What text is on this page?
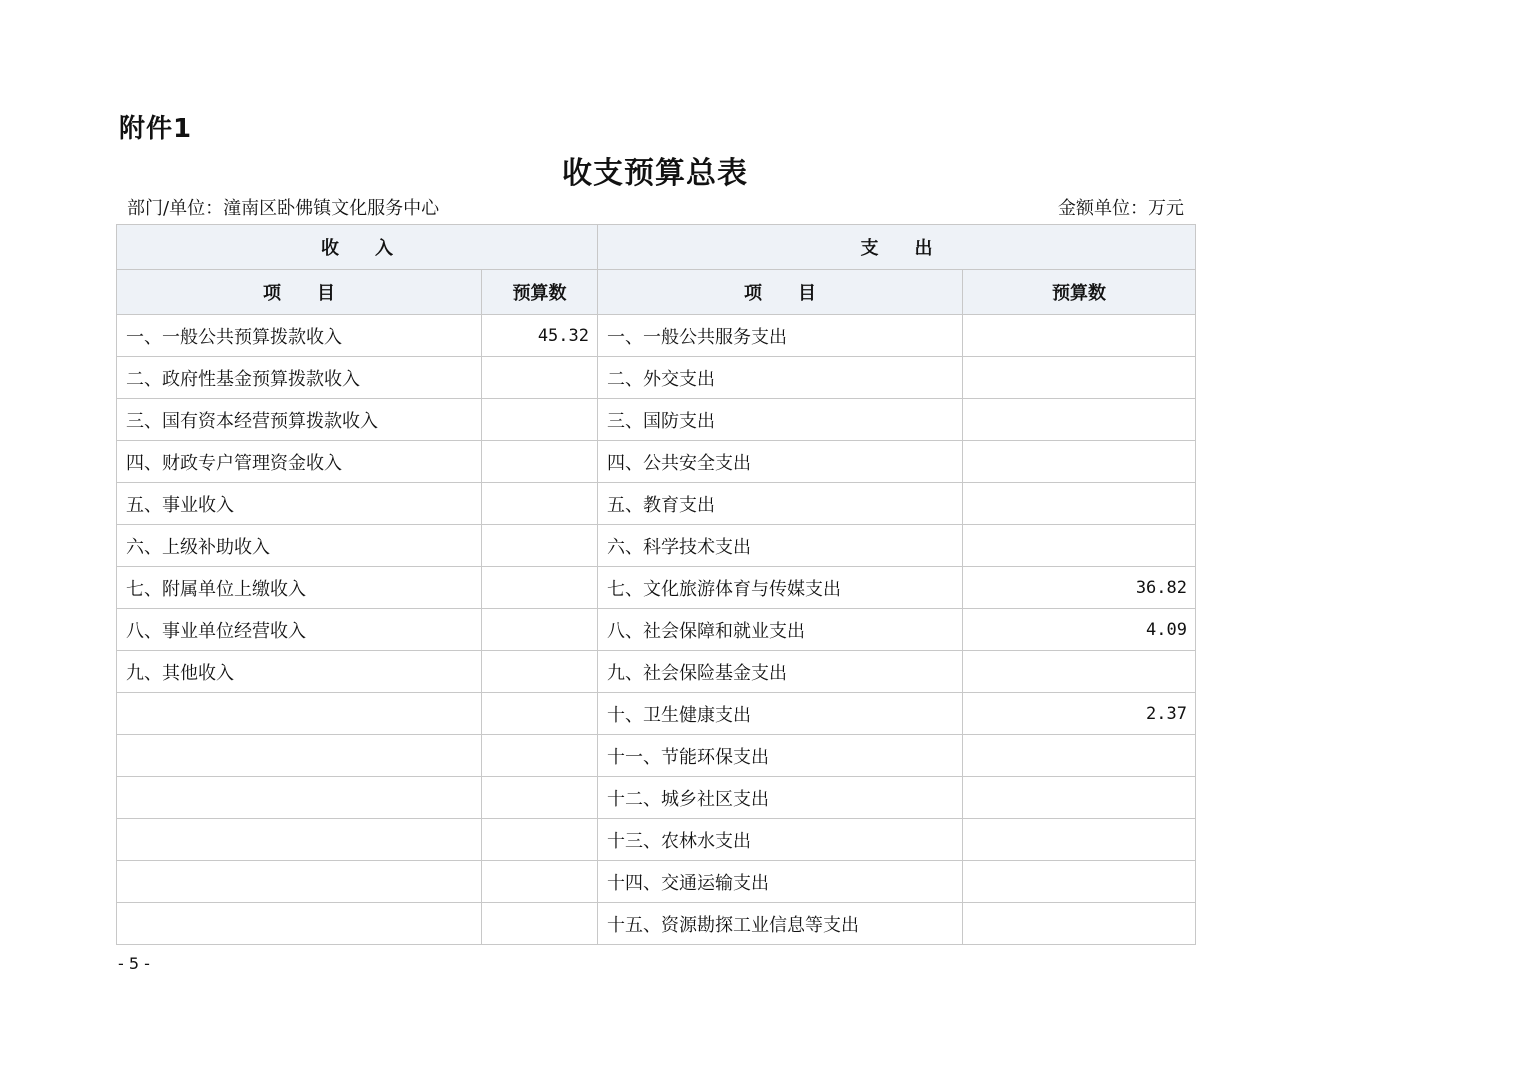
附件1
收支预算总表
部门/单位：潼南区卧佛镇文化服务中心	金额单位：万元
收　　入		支　　出	
项　　目	预算数	项　　目	预算数
一、一般公共预算拨款收入	45.32	一、一般公共服务支出	
二、政府性基金预算拨款收入		二、外交支出	
三、国有资本经营预算拨款收入		三、国防支出	
四、财政专户管理资金收入		四、公共安全支出	
五、事业收入		五、教育支出	
六、上级补助收入		六、科学技术支出	
七、附属单位上缴收入		七、文化旅游体育与传媒支出	36.82
八、事业单位经营收入		八、社会保障和就业支出	4.09
九、其他收入		九、社会保险基金支出	
		十、卫生健康支出	2.37
		十一、节能环保支出	
		十二、城乡社区支出	
		十三、农林水支出	
		十四、交通运输支出	
		十五、资源勘探工业信息等支出	
- 5 -
